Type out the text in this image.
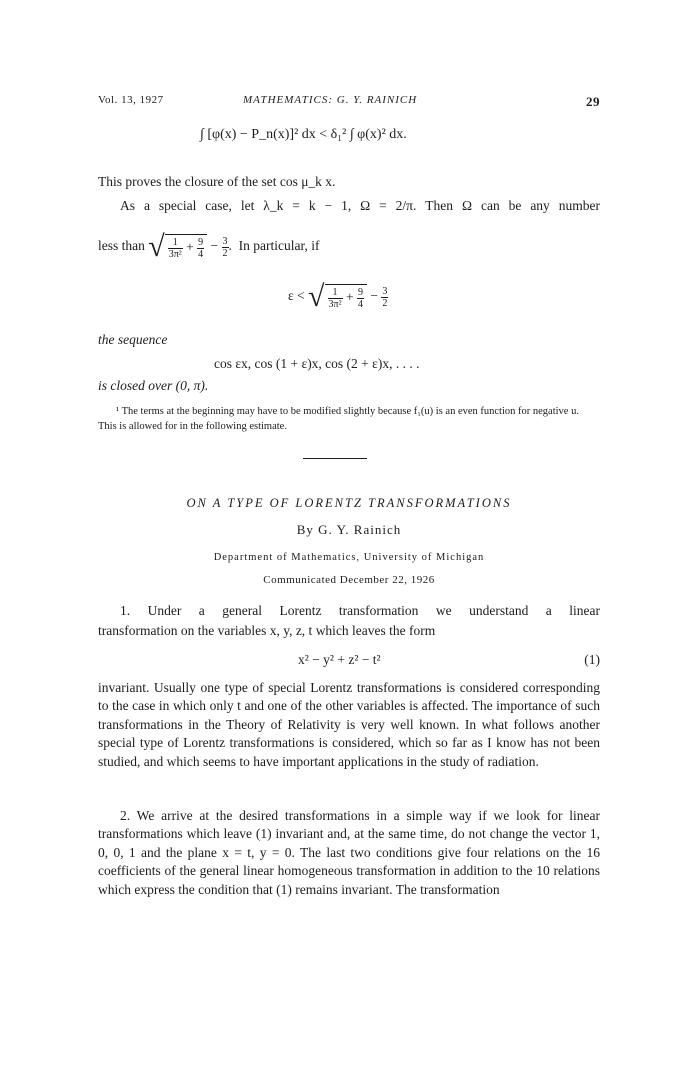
Vol. 13, 1927	MATHEMATICS: G. Y. RAINICH	29
∫ [φ(x) − P_n(x)]² dx < δ₁² ∫ φ(x)² dx.
This proves the closure of the set cos μ_k x.
As a special case, let λ_k = k − 1, Ω = 2/π. Then Ω can be any number
less than √ $\frac{1}{\text{3π²}} + \frac{9}{4} - \frac{3}{2}$ .  In particular, if
ε < √ $\frac{1}{\text{3π²}} + \frac{9}{4} - \frac{3}{2}$
the sequence
cos εx, cos (1 + ε)x, cos (2 + ε)x, . . . .
is closed over (0, π).
¹ The terms at the beginning may have to be modified slightly because f₁(u) is an even function for negative u. This is allowed for in the following estimate.
ON A TYPE OF LORENTZ TRANSFORMATIONS
By G. Y. Rainich
Department of Mathematics, University of Michigan
Communicated December 22, 1926
1. Under a general Lorentz transformation we understand a linear
transformation on the variables x, y, z, t which leaves the form
x² − y² + z² − t²	(1)

invariant. Usually one type of special Lorentz transformations is considered corresponding to the case in which only t and one of the other variables is affected. The importance of such transformations in the Theory of Relativity is very well known. In what follows another special type of Lorentz transformations is considered, which so far as I know has not been studied, and which seems to have important applications in the study of radiation.

2. We arrive at the desired transformations in a simple way if we look for linear transformations which leave (1) invariant and, at the same time, do not change the vector 1, 0, 0, 1 and the plane x = t, y = 0. The last two conditions give four relations on the 16 coefficients of the general linear homogeneous transformation in addition to the 10 relations which express the condition that (1) remains invariant. The transformation
